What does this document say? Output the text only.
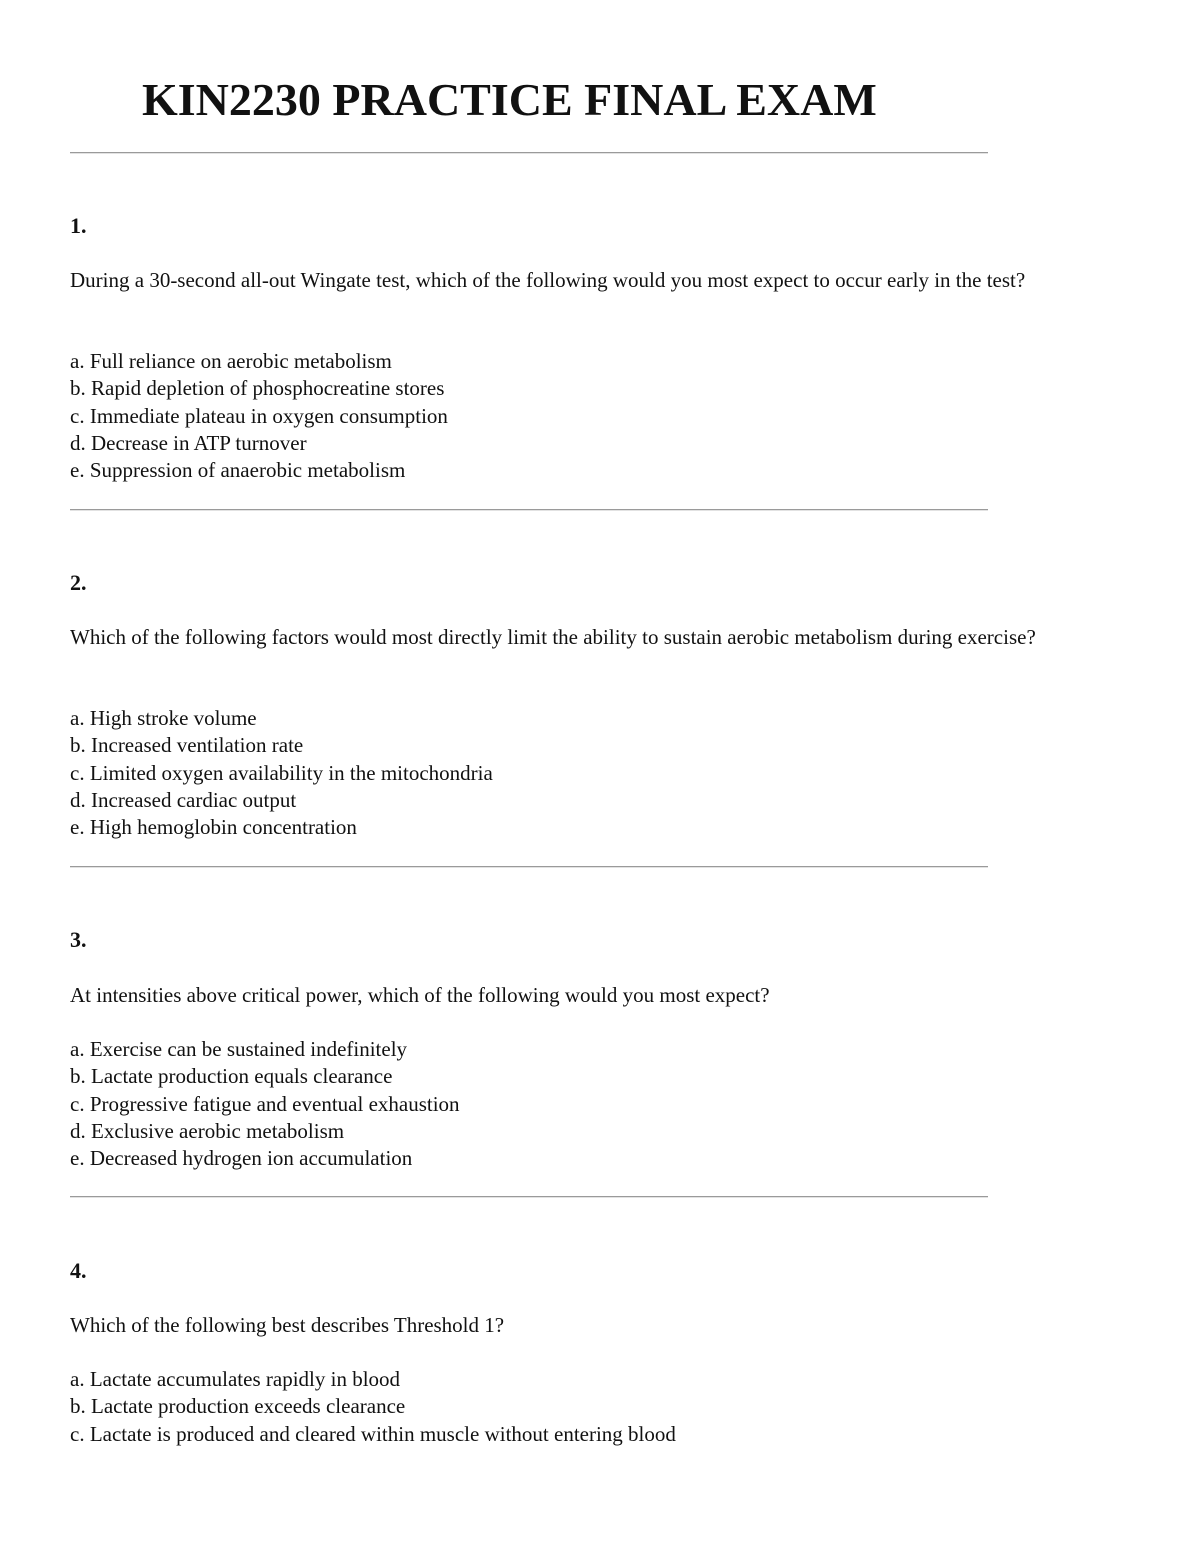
KIN2230 PRACTICE FINAL EXAM

1.

During a 30-second all-out Wingate test, which of the following would you most expect to occur early in the test?

a. Full reliance on aerobic metabolism
b. Rapid depletion of phosphocreatine stores
c. Immediate plateau in oxygen consumption
d. Decrease in ATP turnover
e. Suppression of anaerobic metabolism

2.

Which of the following factors would most directly limit the ability to sustain aerobic metabolism during exercise?

a. High stroke volume
b. Increased ventilation rate
c. Limited oxygen availability in the mitochondria
d. Increased cardiac output
e. High hemoglobin concentration

3.

At intensities above critical power, which of the following would you most expect?

a. Exercise can be sustained indefinitely
b. Lactate production equals clearance
c. Progressive fatigue and eventual exhaustion
d. Exclusive aerobic metabolism
e. Decreased hydrogen ion accumulation

4.

Which of the following best describes Threshold 1?

a. Lactate accumulates rapidly in blood
b. Lactate production exceeds clearance
c. Lactate is produced and cleared within muscle without entering blood
